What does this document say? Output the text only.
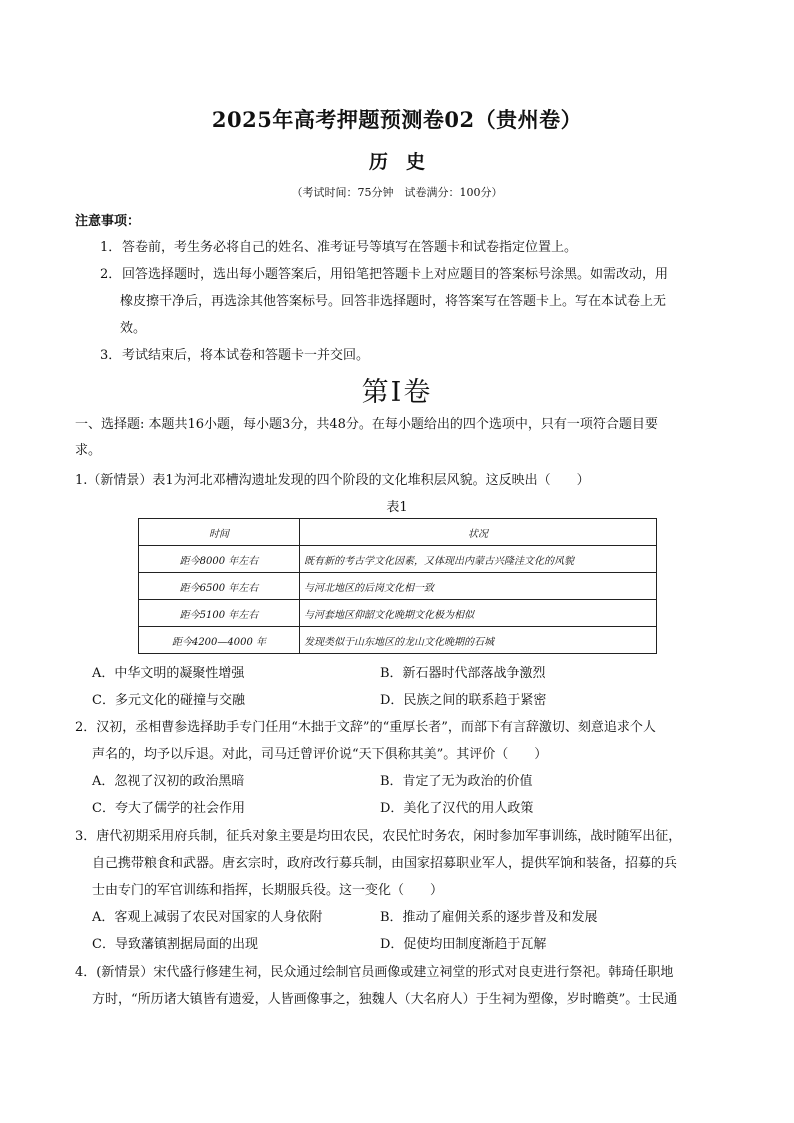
2025年高考押题预测卷02（贵州卷）
历史
（考试时间：75分钟　试卷满分：100分）
注意事项：
1．答卷前，考生务必将自己的姓名、准考证号等填写在答题卡和试卷指定位置上。
2．回答选择题时，选出每小题答案后，用铅笔把答题卡上对应题目的答案标号涂黑。如需改动，用
橡皮擦干净后，再选涂其他答案标号。回答非选择题时，将答案写在答题卡上。写在本试卷上无
效。
3．考试结束后，将本试卷和答题卡一并交回。
第Ⅰ卷
一、选择题: 本题共16小题，每小题3分，共48分。在每小题给出的四个选项中，只有一项符合题目要
求。
1.（新情景）表1为河北邓槽沟遗址发现的四个阶段的文化堆积层风貌。这反映出（　　）
表1
时间	状况
距今8000 年左右	既有新的考古学文化因素，又体现出内蒙古兴隆洼文化的风貌
距今6500 年左右	与河北地区的后岗文化相一致
距今5100 年左右	与河套地区仰韶文化晚期文化极为相似
距今4200—4000 年	发现类似于山东地区的龙山文化晚期的石城
A．中华文明的凝聚性增强	B．新石器时代部落战争激烈
C．多元文化的碰撞与交融	D．民族之间的联系趋于紧密
2．汉初，丞相曹参选择助手专门任用“木拙于文辞”的“重厚长者”，而部下有言辞激切、刻意追求个人
声名的，均予以斥退。对此，司马迁曾评价说“天下俱称其美”。其评价（　　）
A．忽视了汉初的政治黑暗	B．肯定了无为政治的价值
C．夸大了儒学的社会作用	D．美化了汉代的用人政策
3．唐代初期采用府兵制，征兵对象主要是均田农民，农民忙时务农，闲时参加军事训练，战时随军出征，
自己携带粮食和武器。唐玄宗时，政府改行募兵制，由国家招募职业军人，提供军饷和装备，招募的兵
士由专门的军官训练和指挥，长期服兵役。这一变化（　　）
A．客观上减弱了农民对国家的人身依附	B．推动了雇佣关系的逐步普及和发展
C．导致藩镇割据局面的出现	D．促使均田制度渐趋于瓦解
4．(新情景）宋代盛行修建生祠，民众通过绘制官员画像或建立祠堂的形式对良吏进行祭祀。韩琦任职地
方时，“所历诸大镇皆有遗爱，人皆画像事之，独魏人（大名府人）于生祠为塑像，岁时瞻奠”。士民通
